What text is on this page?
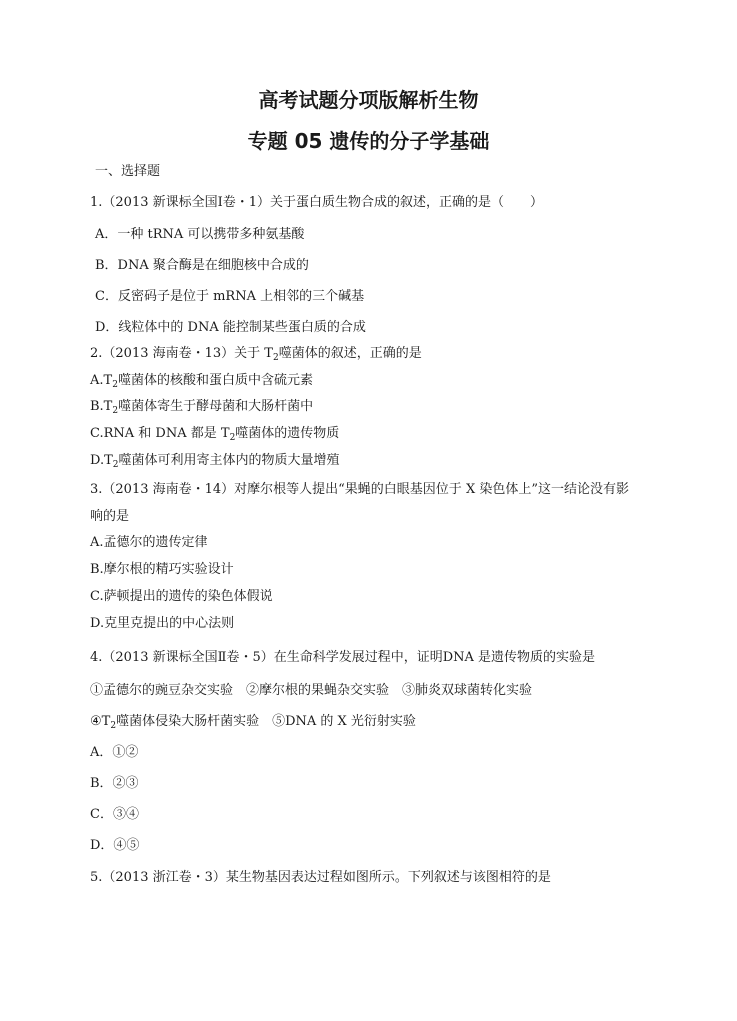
高考试题分项版解析生物
专题 05 遗传的分子学基础
一、选择题
1.（2013 新课标全国Ⅰ卷・1）关于蛋白质生物合成的叙述，正确的是（　　）
A．一种 tRNA 可以携带多种氨基酸
B．DNA 聚合酶是在细胞核中合成的
C．反密码子是位于 mRNA 上相邻的三个碱基
D．线粒体中的 DNA 能控制某些蛋白质的合成
2.（2013 海南卷・13）关于 $T_2$噬菌体的叙述，正确的是
$A.T_2$噬菌体的核酸和蛋白质中含硫元素
$B.T_2$噬菌体寄生于酵母菌和大肠杆菌中
C.RNA 和 DNA 都是 $T_2$噬菌体的遗传物质
$D.T_2$噬菌体可利用寄主体内的物质大量增殖
3.（2013 海南卷・14）对摩尔根等人提出“果蝇的白眼基因位于 X 染色体上”这一结论没有影
响的是
A.孟德尔的遗传定律
B.摩尔根的精巧实验设计
C.萨顿提出的遗传的染色体假说
D.克里克提出的中心法则
4.（2013 新课标全国Ⅱ卷・5）在生命科学发展过程中，证明DNA 是遗传物质的实验是
①孟德尔的豌豆杂交实验　②摩尔根的果蝇杂交实验　③肺炎双球菌转化实验
$④T_2$噬菌体侵染大肠杆菌实验　⑤DNA 的 X 光衍射实验
A．①②
B．②③
C．③④
D．④⑤
5.（2013 浙江卷・3）某生物基因表达过程如图所示。下列叙述与该图相符的是
